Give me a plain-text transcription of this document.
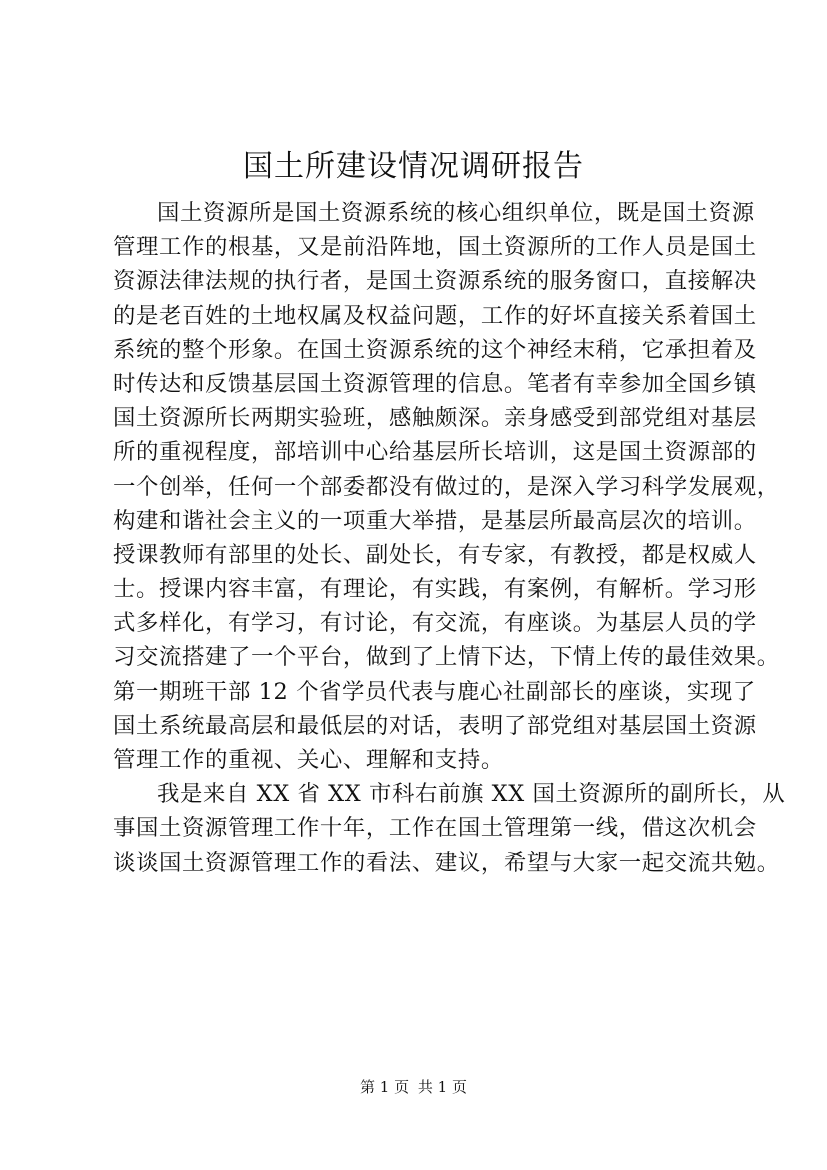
国土所建设情况调研报告
国土资源所是国土资源系统的核心组织单位，既是国土资源
管理工作的根基，又是前沿阵地，国土资源所的工作人员是国土
资源法律法规的执行者，是国土资源系统的服务窗口，直接解决
的是老百姓的土地权属及权益问题，工作的好坏直接关系着国土
系统的整个形象。在国土资源系统的这个神经末稍，它承担着及
时传达和反馈基层国土资源管理的信息。笔者有幸参加全国乡镇
国土资源所长两期实验班，感触颇深。亲身感受到部党组对基层
所的重视程度，部培训中心给基层所长培训，这是国土资源部的
一个创举，任何一个部委都没有做过的，是深入学习科学发展观，
构建和谐社会主义的一项重大举措，是基层所最高层次的培训。
授课教师有部里的处长、副处长，有专家，有教授，都是权威人
士。授课内容丰富，有理论，有实践，有案例，有解析。学习形
式多样化，有学习，有讨论，有交流，有座谈。为基层人员的学
习交流搭建了一个平台，做到了上情下达，下情上传的最佳效果。
第一期班干部 12 个省学员代表与鹿心社副部长的座谈，实现了
国土系统最高层和最低层的对话，表明了部党组对基层国土资源
管理工作的重视、关心、理解和支持。
我是来自 XX 省 XX 市科右前旗 XX 国土资源所的副所长，从
事国土资源管理工作十年，工作在国土管理第一线，借这次机会
谈谈国土资源管理工作的看法、建议，希望与大家一起交流共勉。
第 1 页 共 1 页
